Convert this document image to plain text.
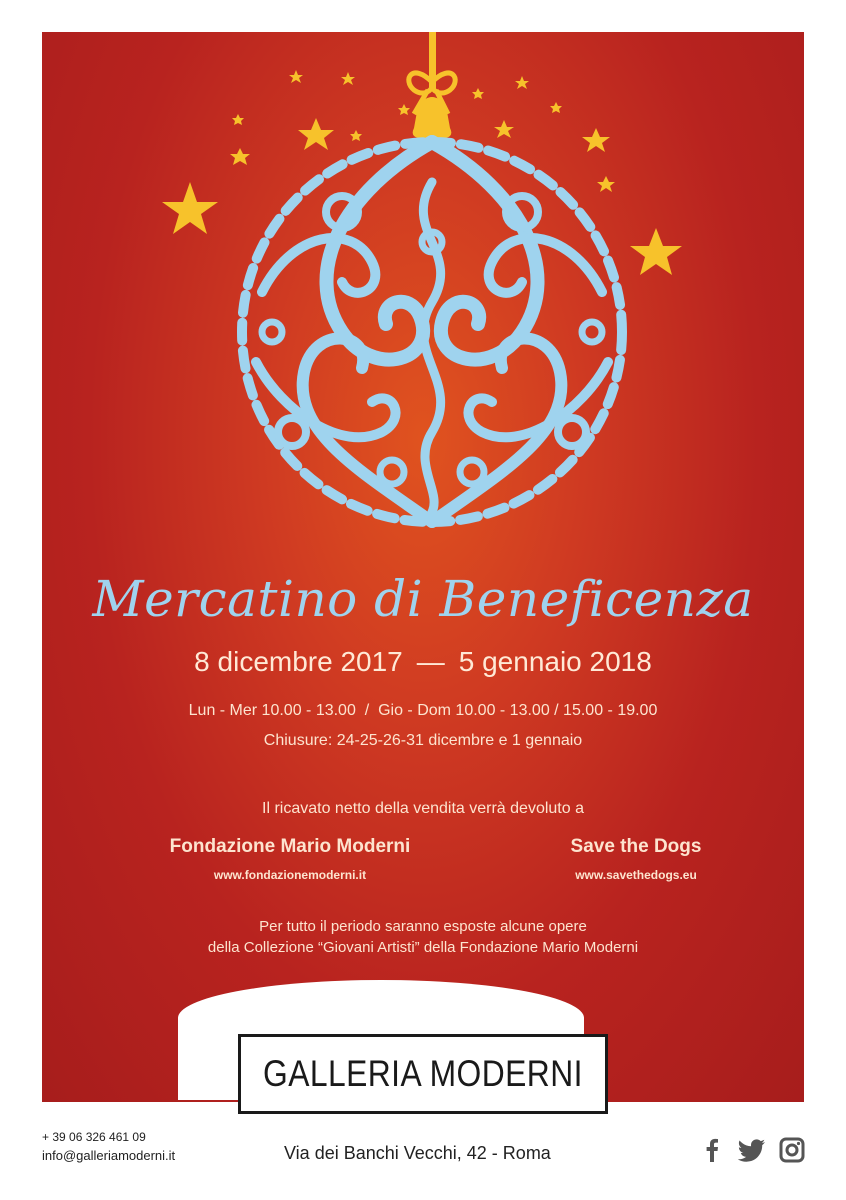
Mercatino di Beneficenza
8 dicembre 2017 — 5 gennaio 2018
Lun - Mer 10.00 - 13.00  /  Gio - Dom 10.00 - 13.00 / 15.00 - 19.00
Chiusure: 24-25-26-31 dicembre e 1 gennaio
Il ricavato netto della vendita verrà devoluto a
Fondazione Mario Moderni
www.fondazionemoderni.it
Save the Dogs
www.savethedogs.eu
Per tutto il periodo saranno esposte alcune opere
della Collezione “Giovani Artisti” della Fondazione Mario Moderni
GALLERIA MODERNI
+ 39 06 326 461 09
info@galleriamoderni.it	Via dei Banchi Vecchi, 42 - Roma
